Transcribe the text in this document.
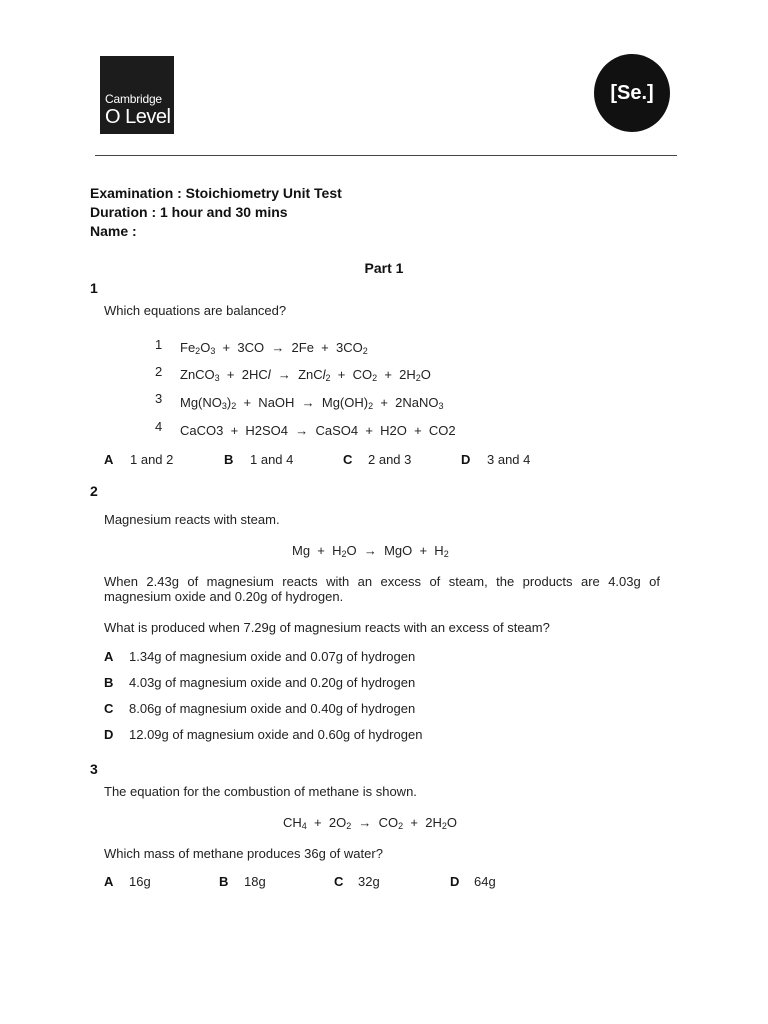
Cambridge
O Level
[Se.]
Examination : Stoichiometry Unit Test
Duration : 1 hour and 30 mins
Name :
Part 1
1
Which equations are balanced?
1 $Fe_2O_3 + 3CO \to 2Fe + 3CO_2$
2 ZnCO$_3$  +  2HCl  →  ZnCl$_2$  +  $CO_2 + 2H_2O$
3 $Mg(NO_3)_2$  +  NaOH  →  $Mg(OH)_2$  +  2NaNO$_3$
4 CaCO3  +  H2SO4  →  CaSO4  +  H2O  +  CO2
A 1 and 2	B 1 and 4	C 2 and 3	D 3 and 4
2
Magnesium reacts with steam.
$Mg + H_2O$  →  MgO  +  $H_2$
When 2.43g of magnesium reacts with an excess of steam, the products are 4.03g of magnesium oxide and 0.20g of hydrogen.
What is produced when 7.29g of magnesium reacts with an excess of steam?
A 1.34g of magnesium oxide and 0.07g of hydrogen
B 4.03g of magnesium oxide and 0.20g of hydrogen
C 8.06g of magnesium oxide and 0.40g of hydrogen
D 12.09g of magnesium oxide and 0.60g of hydrogen
3
The equation for the combustion of methane is shown.
$CH_4 + 2O_2 \to CO_2 + 2H_2O$
Which mass of methane produces 36g of water?
A 16g	B 18g	C 32g	D 64g
